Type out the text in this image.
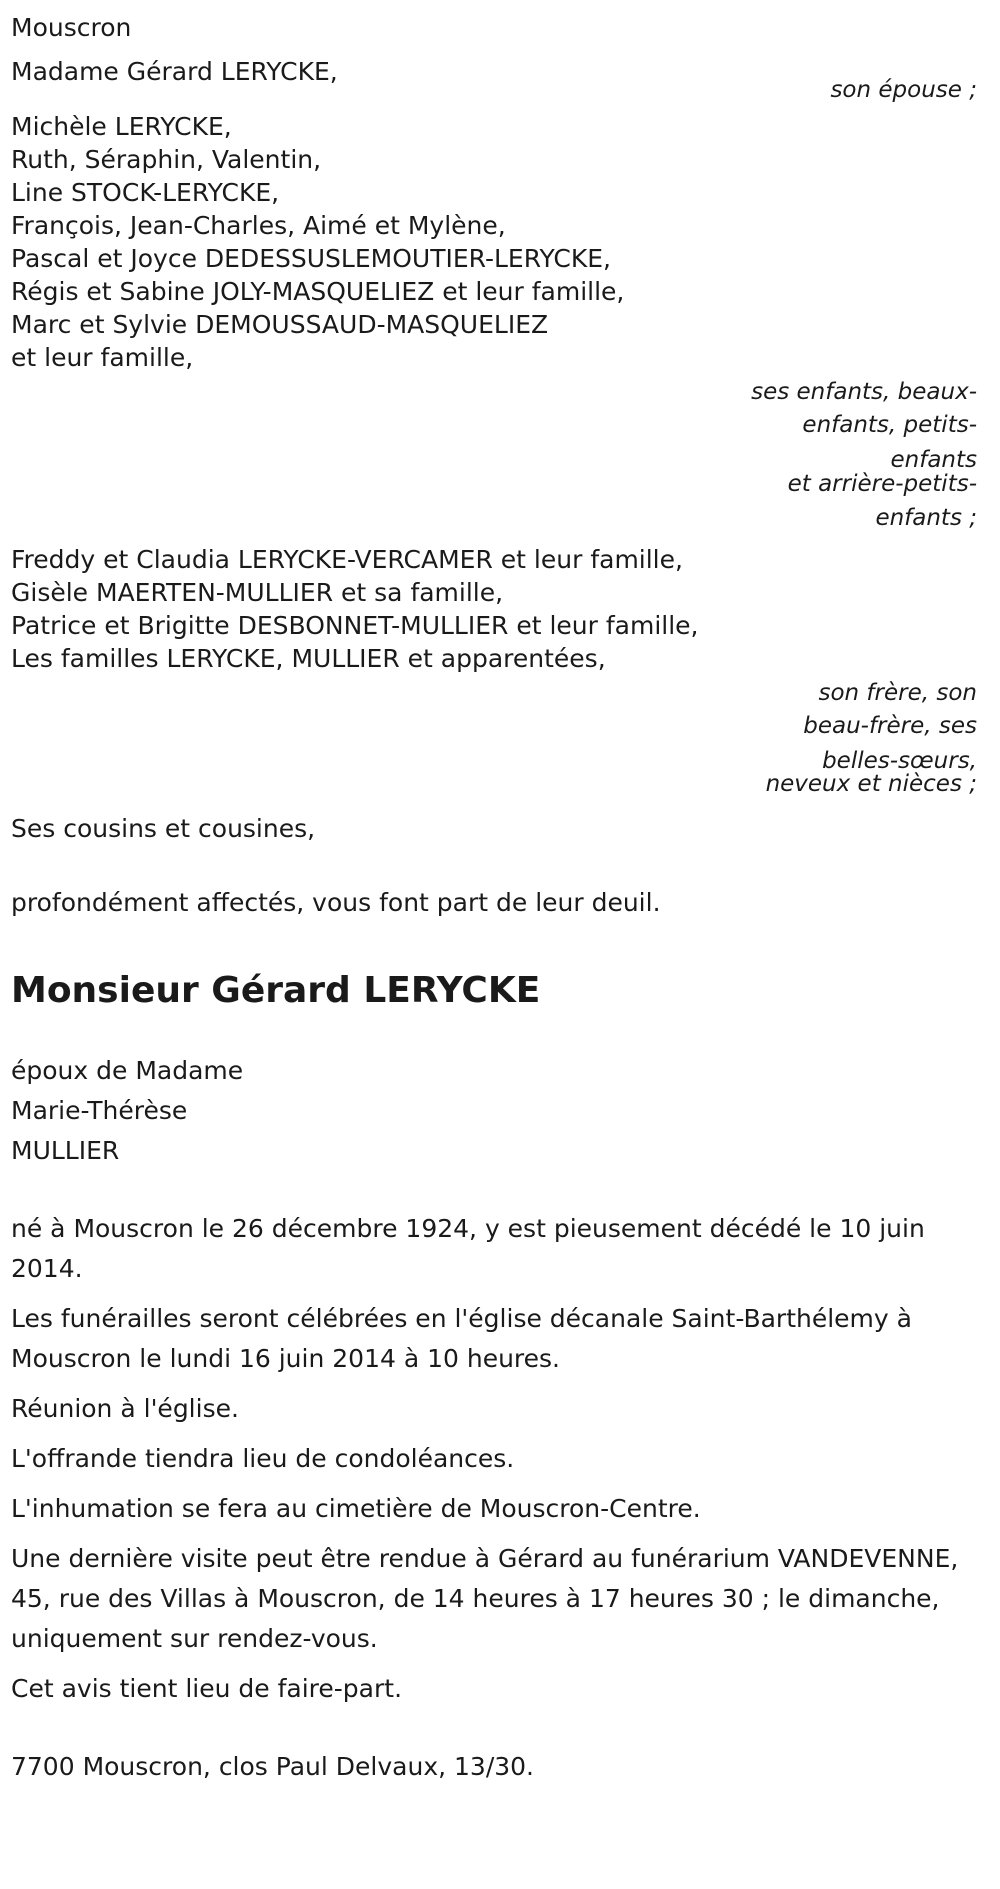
Mouscron
Madame Gérard LERYCKE,
son épouse ;
Michèle LERYCKE,
Ruth, Séraphin, Valentin,
Line STOCK-LERYCKE,
François, Jean-Charles, Aimé et Mylène,
Pascal et Joyce DEDESSUSLEMOUTIER-LERYCKE,
Régis et Sabine JOLY-MASQUELIEZ et leur famille,
Marc et Sylvie DEMOUSSAUD-MASQUELIEZ
et leur famille,
ses enfants, beaux-
enfants, petits-
enfants
et arrière-petits-
enfants ;
Freddy et Claudia LERYCKE-VERCAMER et leur famille,
Gisèle MAERTEN-MULLIER et sa famille,
Patrice et Brigitte DESBONNET-MULLIER et leur famille,
Les familles LERYCKE, MULLIER et apparentées,
son frère, son
beau-frère, ses
belles-sœurs,
neveux et nièces ;
Ses cousins et cousines,
profondément affectés, vous font part de leur deuil.
Monsieur Gérard LERYCKE
époux de Madame
Marie-Thérèse
MULLIER
né à Mouscron le 26 décembre 1924, y est pieusement décédé le 10 juin 2014.
Les funérailles seront célébrées en l'église décanale Saint-Barthélemy à Mouscron le lundi 16 juin 2014 à 10 heures.
Réunion à l'église.
L'offrande tiendra lieu de condoléances.
L'inhumation se fera au cimetière de Mouscron-Centre.
Une dernière visite peut être rendue à Gérard au funérarium VANDEVENNE, 45, rue des Villas à Mouscron, de 14 heures à 17 heures 30 ; le dimanche, uniquement sur rendez-vous.
Cet avis tient lieu de faire-part.
7700 Mouscron, clos Paul Delvaux, 13/30.
